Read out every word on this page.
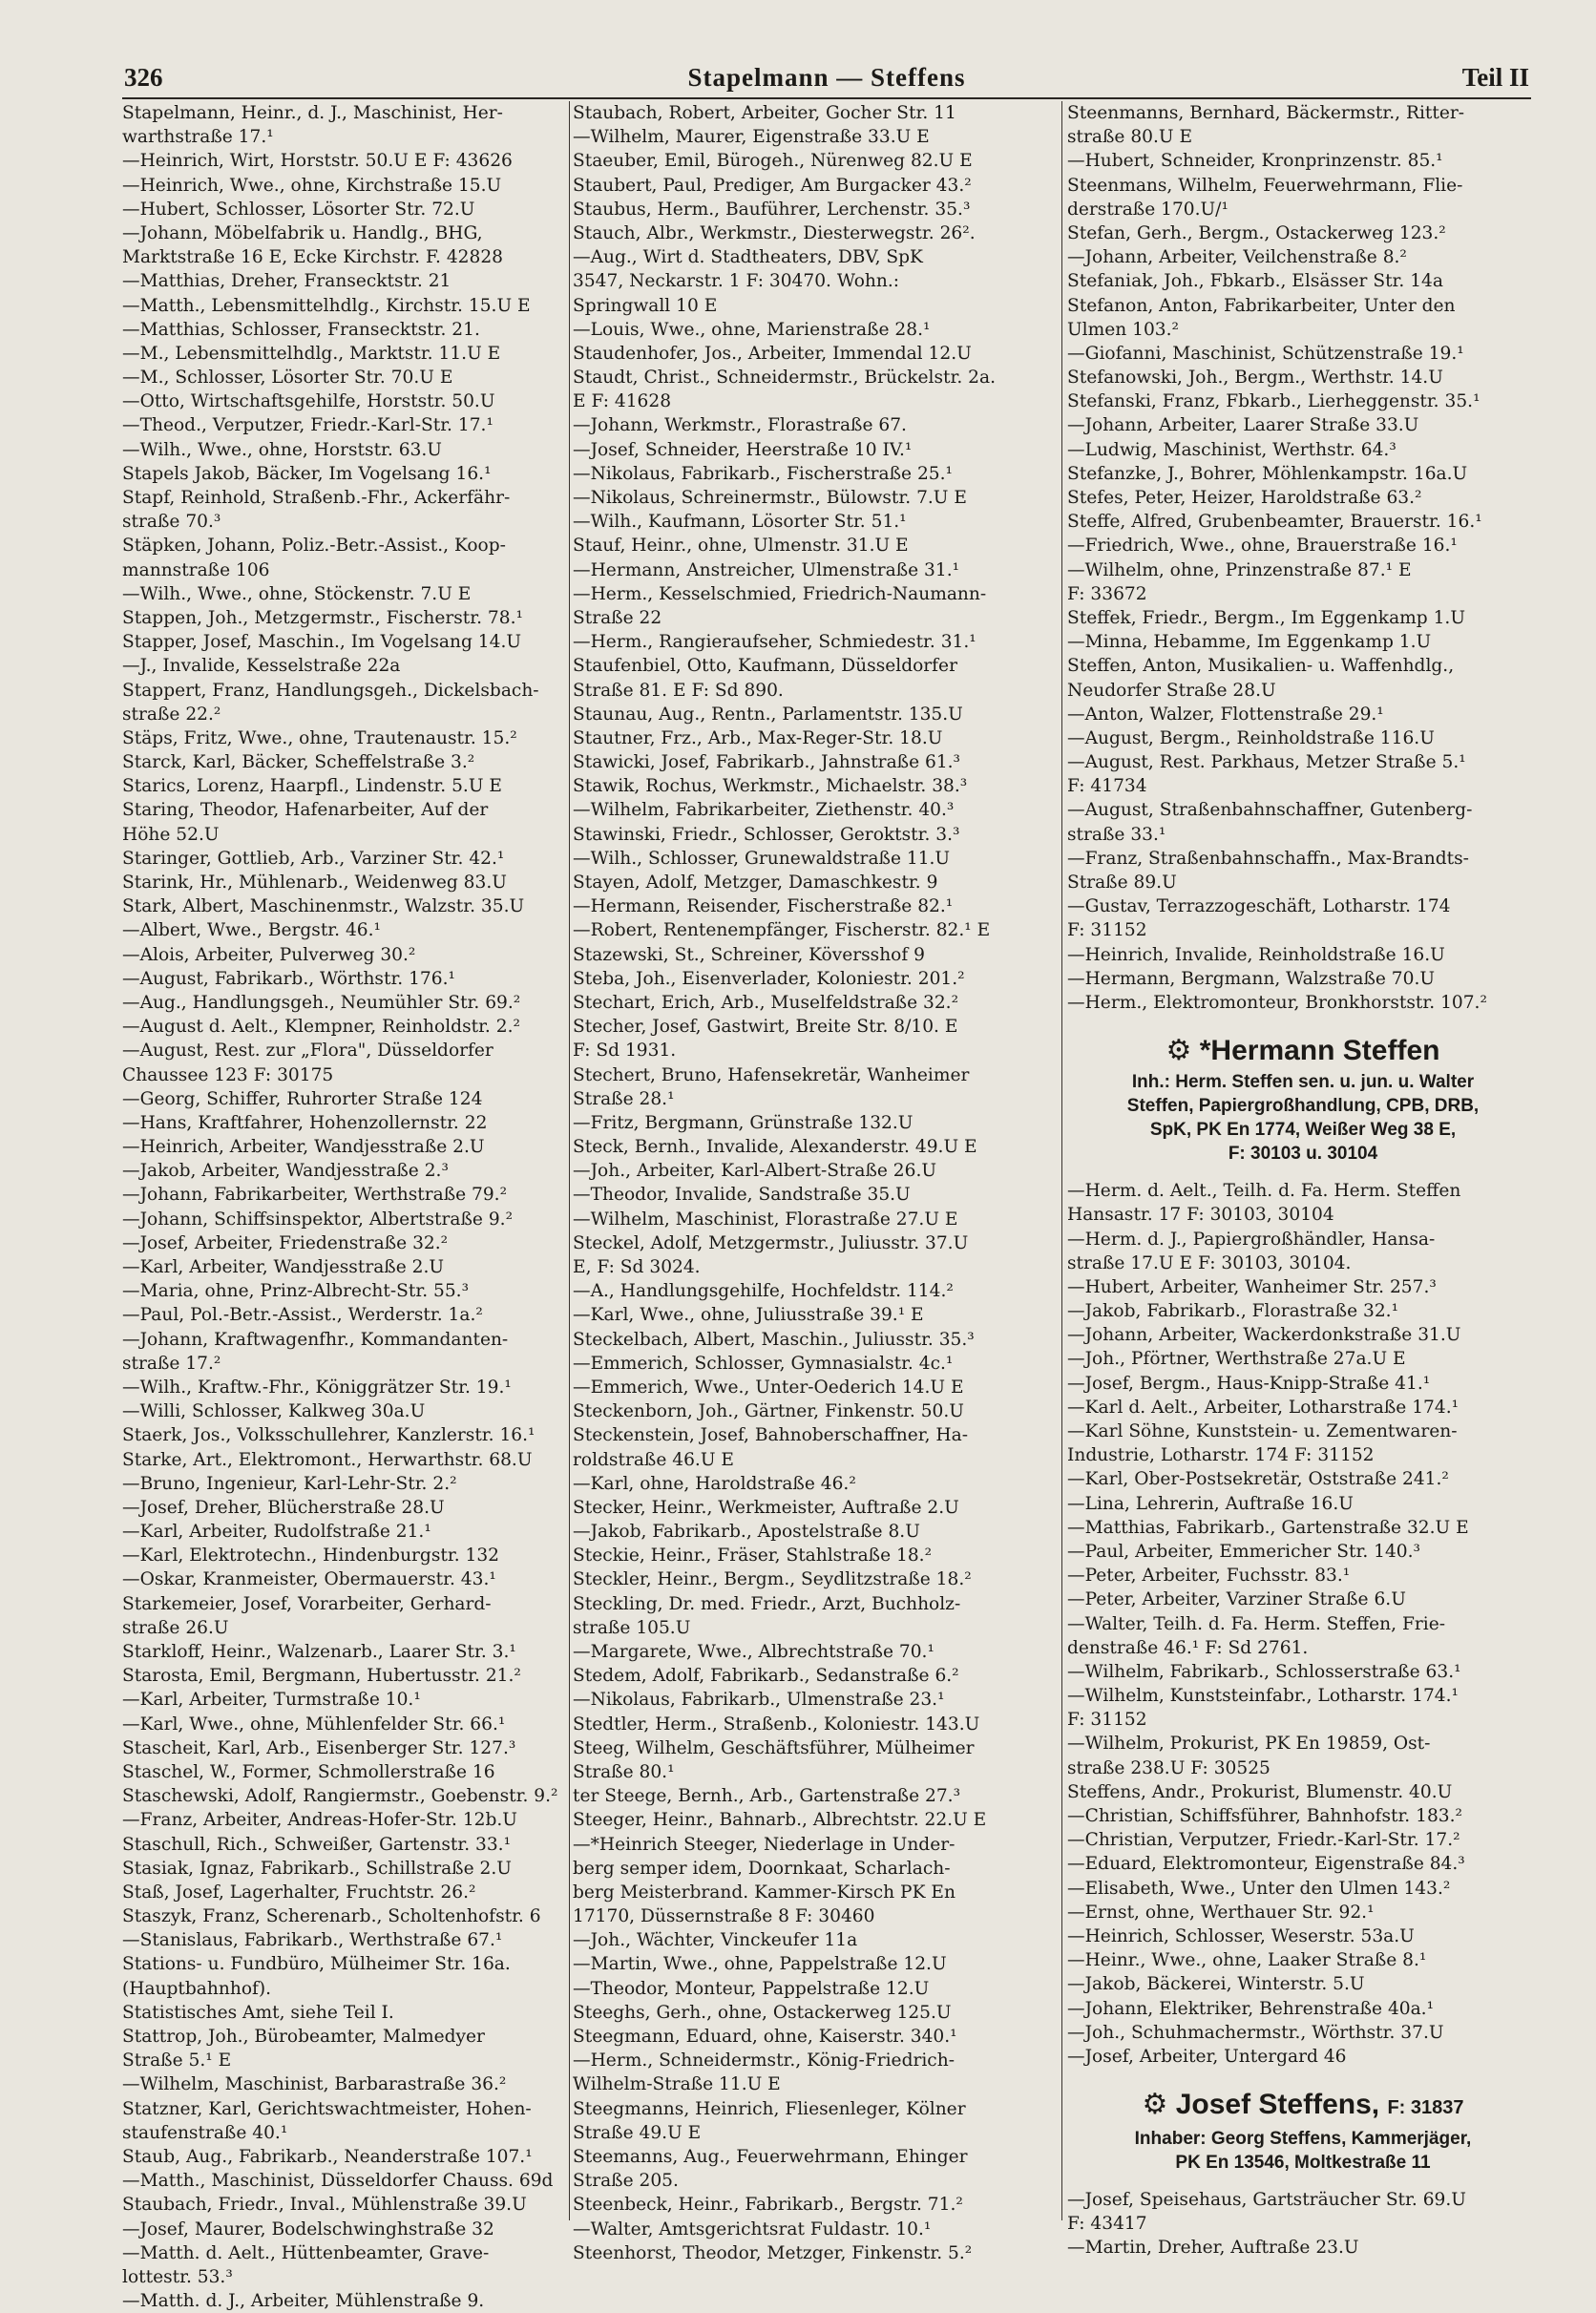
326	Stapelmann — Steffens	Teil II
Stapelmann, Heinr., d. J., Maschinist, Her-
warthstraße 17.¹
—Heinrich, Wirt, Horststr. 50.U E F: 43626
—Heinrich, Wwe., ohne, Kirchstraße 15.U
—Hubert, Schlosser, Lösorter Str. 72.U
—Johann, Möbelfabrik u. Handlg., BHG,
Marktstraße 16 E, Ecke Kirchstr. F. 42828
—Matthias, Dreher, Fransecktstr. 21
—Matth., Lebensmittelhdlg., Kirchstr. 15.U E
—Matthias, Schlosser, Fransecktstr. 21.
—M., Lebensmittelhdlg., Marktstr. 11.U E
—M., Schlosser, Lösorter Str. 70.U E
—Otto, Wirtschaftsgehilfe, Horststr. 50.U
—Theod., Verputzer, Friedr.-Karl-Str. 17.¹
—Wilh., Wwe., ohne, Horststr. 63.U
Stapels Jakob, Bäcker, Im Vogelsang 16.¹
Stapf, Reinhold, Straßenb.-Fhr., Ackerfähr-
straße 70.³
Stäpken, Johann, Poliz.-Betr.-Assist., Koop-
mannstraße 106
—Wilh., Wwe., ohne, Stöckenstr. 7.U E
Stappen, Joh., Metzgermstr., Fischerstr. 78.¹
Stapper, Josef, Maschin., Im Vogelsang 14.U
—J., Invalide, Kesselstraße 22a
Stappert, Franz, Handlungsgeh., Dickelsbach-
straße 22.²
Stäps, Fritz, Wwe., ohne, Trautenaustr. 15.²
Starck, Karl, Bäcker, Scheffelstraße 3.²
Starics, Lorenz, Haarpfl., Lindenstr. 5.U E
Staring, Theodor, Hafenarbeiter, Auf der
Höhe 52.U
Staringer, Gottlieb, Arb., Varziner Str. 42.¹
Starink, Hr., Mühlenarb., Weidenweg 83.U
Stark, Albert, Maschinenmstr., Walzstr. 35.U
—Albert, Wwe., Bergstr. 46.¹
—Alois, Arbeiter, Pulverweg 30.²
—August, Fabrikarb., Wörthstr. 176.¹
—Aug., Handlungsgeh., Neumühler Str. 69.²
—August d. Aelt., Klempner, Reinholdstr. 2.²
—August, Rest. zur „Flora", Düsseldorfer
Chaussee 123 F: 30175
—Georg, Schiffer, Ruhrorter Straße 124
—Hans, Kraftfahrer, Hohenzollernstr. 22
—Heinrich, Arbeiter, Wandjesstraße 2.U
—Jakob, Arbeiter, Wandjesstraße 2.³
—Johann, Fabrikarbeiter, Werthstraße 79.²
—Johann, Schiffsinspektor, Albertstraße 9.²
—Josef, Arbeiter, Friedenstraße 32.²
—Karl, Arbeiter, Wandjesstraße 2.U
—Maria, ohne, Prinz-Albrecht-Str. 55.³
—Paul, Pol.-Betr.-Assist., Werderstr. 1a.²
—Johann, Kraftwagenfhr., Kommandanten-
straße 17.²
—Wilh., Kraftw.-Fhr., Königgrätzer Str. 19.¹
—Willi, Schlosser, Kalkweg 30a.U
Staerk, Jos., Volksschullehrer, Kanzlerstr. 16.¹
Starke, Art., Elektromont., Herwarthstr. 68.U
—Bruno, Ingenieur, Karl-Lehr-Str. 2.²
—Josef, Dreher, Blücherstraße 28.U
—Karl, Arbeiter, Rudolfstraße 21.¹
—Karl, Elektrotechn., Hindenburgstr. 132
—Oskar, Kranmeister, Obermauerstr. 43.¹
Starkemeier, Josef, Vorarbeiter, Gerhard-
straße 26.U
Starkloff, Heinr., Walzenarb., Laarer Str. 3.¹
Starosta, Emil, Bergmann, Hubertusstr. 21.²
—Karl, Arbeiter, Turmstraße 10.¹
—Karl, Wwe., ohne, Mühlenfelder Str. 66.¹
Stascheit, Karl, Arb., Eisenberger Str. 127.³
Staschel, W., Former, Schmollerstraße 16
Staschewski, Adolf, Rangiermstr., Goebenstr. 9.²
—Franz, Arbeiter, Andreas-Hofer-Str. 12b.U
Staschull, Rich., Schweißer, Gartenstr. 33.¹
Stasiak, Ignaz, Fabrikarb., Schillstraße 2.U
Staß, Josef, Lagerhalter, Fruchtstr. 26.²
Staszyk, Franz, Scherenarb., Scholtenhofstr. 6
—Stanislaus, Fabrikarb., Werthstraße 67.¹
Stations- u. Fundbüro, Mülheimer Str. 16a.
(Hauptbahnhof).
Statistisches Amt, siehe Teil I.
Stattrop, Joh., Bürobeamter, Malmedyer
Straße 5.¹ E
—Wilhelm, Maschinist, Barbarastraße 36.²
Statzner, Karl, Gerichtswachtmeister, Hohen-
staufenstraße 40.¹
Staub, Aug., Fabrikarb., Neanderstraße 107.¹
—Matth., Maschinist, Düsseldorfer Chauss. 69d
Staubach, Friedr., Inval., Mühlenstraße 39.U
—Josef, Maurer, Bodelschwinghstraße 32
—Matth. d. Aelt., Hüttenbeamter, Grave-
lottestr. 53.³
—Matth. d. J., Arbeiter, Mühlenstraße 9.
Staubach, Robert, Arbeiter, Gocher Str. 11
—Wilhelm, Maurer, Eigenstraße 33.U E
Staeuber, Emil, Bürogeh., Nürenweg 82.U E
Staubert, Paul, Prediger, Am Burgacker 43.²
Staubus, Herm., Bauführer, Lerchenstr. 35.³
Stauch, Albr., Werkmstr., Diesterwegstr. 26².
—Aug., Wirt d. Stadtheaters, DBV, SpK
3547, Neckarstr. 1 F: 30470. Wohn.:
Springwall 10 E
—Louis, Wwe., ohne, Marienstraße 28.¹
Staudenhofer, Jos., Arbeiter, Immendal 12.U
Staudt, Christ., Schneidermstr., Brückelstr. 2a.
E F: 41628
—Johann, Werkmstr., Florastraße 67.
—Josef, Schneider, Heerstraße 10 IV.¹
—Nikolaus, Fabrikarb., Fischerstraße 25.¹
—Nikolaus, Schreinermstr., Bülowstr. 7.U E
—Wilh., Kaufmann, Lösorter Str. 51.¹
Stauf, Heinr., ohne, Ulmenstr. 31.U E
—Hermann, Anstreicher, Ulmenstraße 31.¹
—Herm., Kesselschmied, Friedrich-Naumann-
Straße 22
—Herm., Rangieraufseher, Schmiedestr. 31.¹
Staufenbiel, Otto, Kaufmann, Düsseldorfer
Straße 81. E F: Sd 890.
Staunau, Aug., Rentn., Parlamentstr. 135.U
Stautner, Frz., Arb., Max-Reger-Str. 18.U
Stawicki, Josef, Fabrikarb., Jahnstraße 61.³
Stawik, Rochus, Werkmstr., Michaelstr. 38.³
—Wilhelm, Fabrikarbeiter, Ziethenstr. 40.³
Stawinski, Friedr., Schlosser, Geroktstr. 3.³
—Wilh., Schlosser, Grunewaldstraße 11.U
Stayen, Adolf, Metzger, Damaschkestr. 9
—Hermann, Reisender, Fischerstraße 82.¹
—Robert, Rentenempfänger, Fischerstr. 82.¹ E
Stazewski, St., Schreiner, Köversshof 9
Steba, Joh., Eisenverlader, Koloniestr. 201.²
Stechart, Erich, Arb., Muselfeldstraße 32.²
Stecher, Josef, Gastwirt, Breite Str. 8/10. E
F: Sd 1931.
Stechert, Bruno, Hafensekretär, Wanheimer
Straße 28.¹
—Fritz, Bergmann, Grünstraße 132.U
Steck, Bernh., Invalide, Alexanderstr. 49.U E
—Joh., Arbeiter, Karl-Albert-Straße 26.U
—Theodor, Invalide, Sandstraße 35.U
—Wilhelm, Maschinist, Florastraße 27.U E
Steckel, Adolf, Metzgermstr., Juliusstr. 37.U
E, F: Sd 3024.
—A., Handlungsgehilfe, Hochfeldstr. 114.²
—Karl, Wwe., ohne, Juliusstraße 39.¹ E
Steckelbach, Albert, Maschin., Juliusstr. 35.³
—Emmerich, Schlosser, Gymnasialstr. 4c.¹
—Emmerich, Wwe., Unter-Oederich 14.U E
Steckenborn, Joh., Gärtner, Finkenstr. 50.U
Steckenstein, Josef, Bahnoberschaffner, Ha-
roldstraße 46.U E
—Karl, ohne, Haroldstraße 46.²
Stecker, Heinr., Werkmeister, Auftraße 2.U
—Jakob, Fabrikarb., Apostelstraße 8.U
Steckie, Heinr., Fräser, Stahlstraße 18.²
Steckler, Heinr., Bergm., Seydlitzstraße 18.²
Steckling, Dr. med. Friedr., Arzt, Buchholz-
straße 105.U
—Margarete, Wwe., Albrechtstraße 70.¹
Stedem, Adolf, Fabrikarb., Sedanstraße 6.²
—Nikolaus, Fabrikarb., Ulmenstraße 23.¹
Stedtler, Herm., Straßenb., Koloniestr. 143.U
Steeg, Wilhelm, Geschäftsführer, Mülheimer
Straße 80.¹
ter Steege, Bernh., Arb., Gartenstraße 27.³
Steeger, Heinr., Bahnarb., Albrechtstr. 22.U E
—*Heinrich Steeger, Niederlage in Under-
berg semper idem, Doornkaat, Scharlach-
berg Meisterbrand. Kammer-Kirsch PK En
17170, Düssernstraße 8 F: 30460
—Joh., Wächter, Vinckeufer 11a
—Martin, Wwe., ohne, Pappelstraße 12.U
—Theodor, Monteur, Pappelstraße 12.U
Steeghs, Gerh., ohne, Ostackerweg 125.U
Steegmann, Eduard, ohne, Kaiserstr. 340.¹
—Herm., Schneidermstr., König-Friedrich-
Wilhelm-Straße 11.U E
Steegmanns, Heinrich, Fliesenleger, Kölner
Straße 49.U E
Steemanns, Aug., Feuerwehrmann, Ehinger
Straße 205.
Steenbeck, Heinr., Fabrikarb., Bergstr. 71.²
—Walter, Amtsgerichtsrat Fuldastr. 10.¹
Steenhorst, Theodor, Metzger, Finkenstr. 5.²
Steenmanns, Bernhard, Bäckermstr., Ritter-
straße 80.U E
—Hubert, Schneider, Kronprinzenstr. 85.¹
Steenmans, Wilhelm, Feuerwehrmann, Flie-
derstraße 170.U/¹
Stefan, Gerh., Bergm., Ostackerweg 123.²
—Johann, Arbeiter, Veilchenstraße 8.²
Stefaniak, Joh., Fbkarb., Elsässer Str. 14a
Stefanon, Anton, Fabrikarbeiter, Unter den
Ulmen 103.²
—Giofanni, Maschinist, Schützenstraße 19.¹
Stefanowski, Joh., Bergm., Werthstr. 14.U
Stefanski, Franz, Fbkarb., Lierheggenstr. 35.¹
—Johann, Arbeiter, Laarer Straße 33.U
—Ludwig, Maschinist, Werthstr. 64.³
Stefanzke, J., Bohrer, Möhlenkampstr. 16a.U
Stefes, Peter, Heizer, Haroldstraße 63.²
Steffe, Alfred, Grubenbeamter, Brauerstr. 16.¹
—Friedrich, Wwe., ohne, Brauerstraße 16.¹
—Wilhelm, ohne, Prinzenstraße 87.¹ E
F: 33672
Steffek, Friedr., Bergm., Im Eggenkamp 1.U
—Minna, Hebamme, Im Eggenkamp 1.U
Steffen, Anton, Musikalien- u. Waffenhdlg.,
Neudorfer Straße 28.U
—Anton, Walzer, Flottenstraße 29.¹
—August, Bergm., Reinholdstraße 116.U
—August, Rest. Parkhaus, Metzer Straße 5.¹
F: 41734
—August, Straßenbahnschaffner, Gutenberg-
straße 33.¹
—Franz, Straßenbahnschaffn., Max-Brandts-
Straße 89.U
—Gustav, Terrazzogeschäft, Lotharstr. 174
F: 31152
—Heinrich, Invalide, Reinholdstraße 16.U
—Hermann, Bergmann, Walzstraße 70.U
—Herm., Elektromonteur, Bronkhorststr. 107.²
⚙ *Hermann Steffen
Inh.: Herm. Steffen sen. u. jun. u. Walter
Steffen, Papiergroßhandlung, CPB, DRB,
SpK, PK En 1774, Weißer Weg 38 E,
F: 30103 u. 30104
—Herm. d. Aelt., Teilh. d. Fa. Herm. Steffen
Hansastr. 17 F: 30103, 30104
—Herm. d. J., Papiergroßhändler, Hansa-
straße 17.U E F: 30103, 30104.
—Hubert, Arbeiter, Wanheimer Str. 257.³
—Jakob, Fabrikarb., Florastraße 32.¹
—Johann, Arbeiter, Wackerdonkstraße 31.U
—Joh., Pförtner, Werthstraße 27a.U E
—Josef, Bergm., Haus-Knipp-Straße 41.¹
—Karl d. Aelt., Arbeiter, Lotharstraße 174.¹
—Karl Söhne, Kunststein- u. Zementwaren-
Industrie, Lotharstr. 174 F: 31152
—Karl, Ober-Postsekretär, Oststraße 241.²
—Lina, Lehrerin, Auftraße 16.U
—Matthias, Fabrikarb., Gartenstraße 32.U E
—Paul, Arbeiter, Emmericher Str. 140.³
—Peter, Arbeiter, Fuchsstr. 83.¹
—Peter, Arbeiter, Varziner Straße 6.U
—Walter, Teilh. d. Fa. Herm. Steffen, Frie-
denstraße 46.¹ F: Sd 2761.
—Wilhelm, Fabrikarb., Schlosserstraße 63.¹
—Wilhelm, Kunststeinfabr., Lotharstr. 174.¹
F: 31152
—Wilhelm, Prokurist, PK En 19859, Ost-
straße 238.U F: 30525
Steffens, Andr., Prokurist, Blumenstr. 40.U
—Christian, Schiffsführer, Bahnhofstr. 183.²
—Christian, Verputzer, Friedr.-Karl-Str. 17.²
—Eduard, Elektromonteur, Eigenstraße 84.³
—Elisabeth, Wwe., Unter den Ulmen 143.²
—Ernst, ohne, Werthauer Str. 92.¹
—Heinrich, Schlosser, Weserstr. 53a.U
—Heinr., Wwe., ohne, Laaker Straße 8.¹
—Jakob, Bäckerei, Winterstr. 5.U
—Johann, Elektriker, Behrenstraße 40a.¹
—Joh., Schuhmachermstr., Wörthstr. 37.U
—Josef, Arbeiter, Untergard 46
⚙ Josef Steffens, F: 31837
Inhaber: Georg Steffens, Kammerjäger,
PK En 13546, Moltkestraße 11
—Josef, Speisehaus, Gartsträucher Str. 69.U
F: 43417
—Martin, Dreher, Auftraße 23.U
